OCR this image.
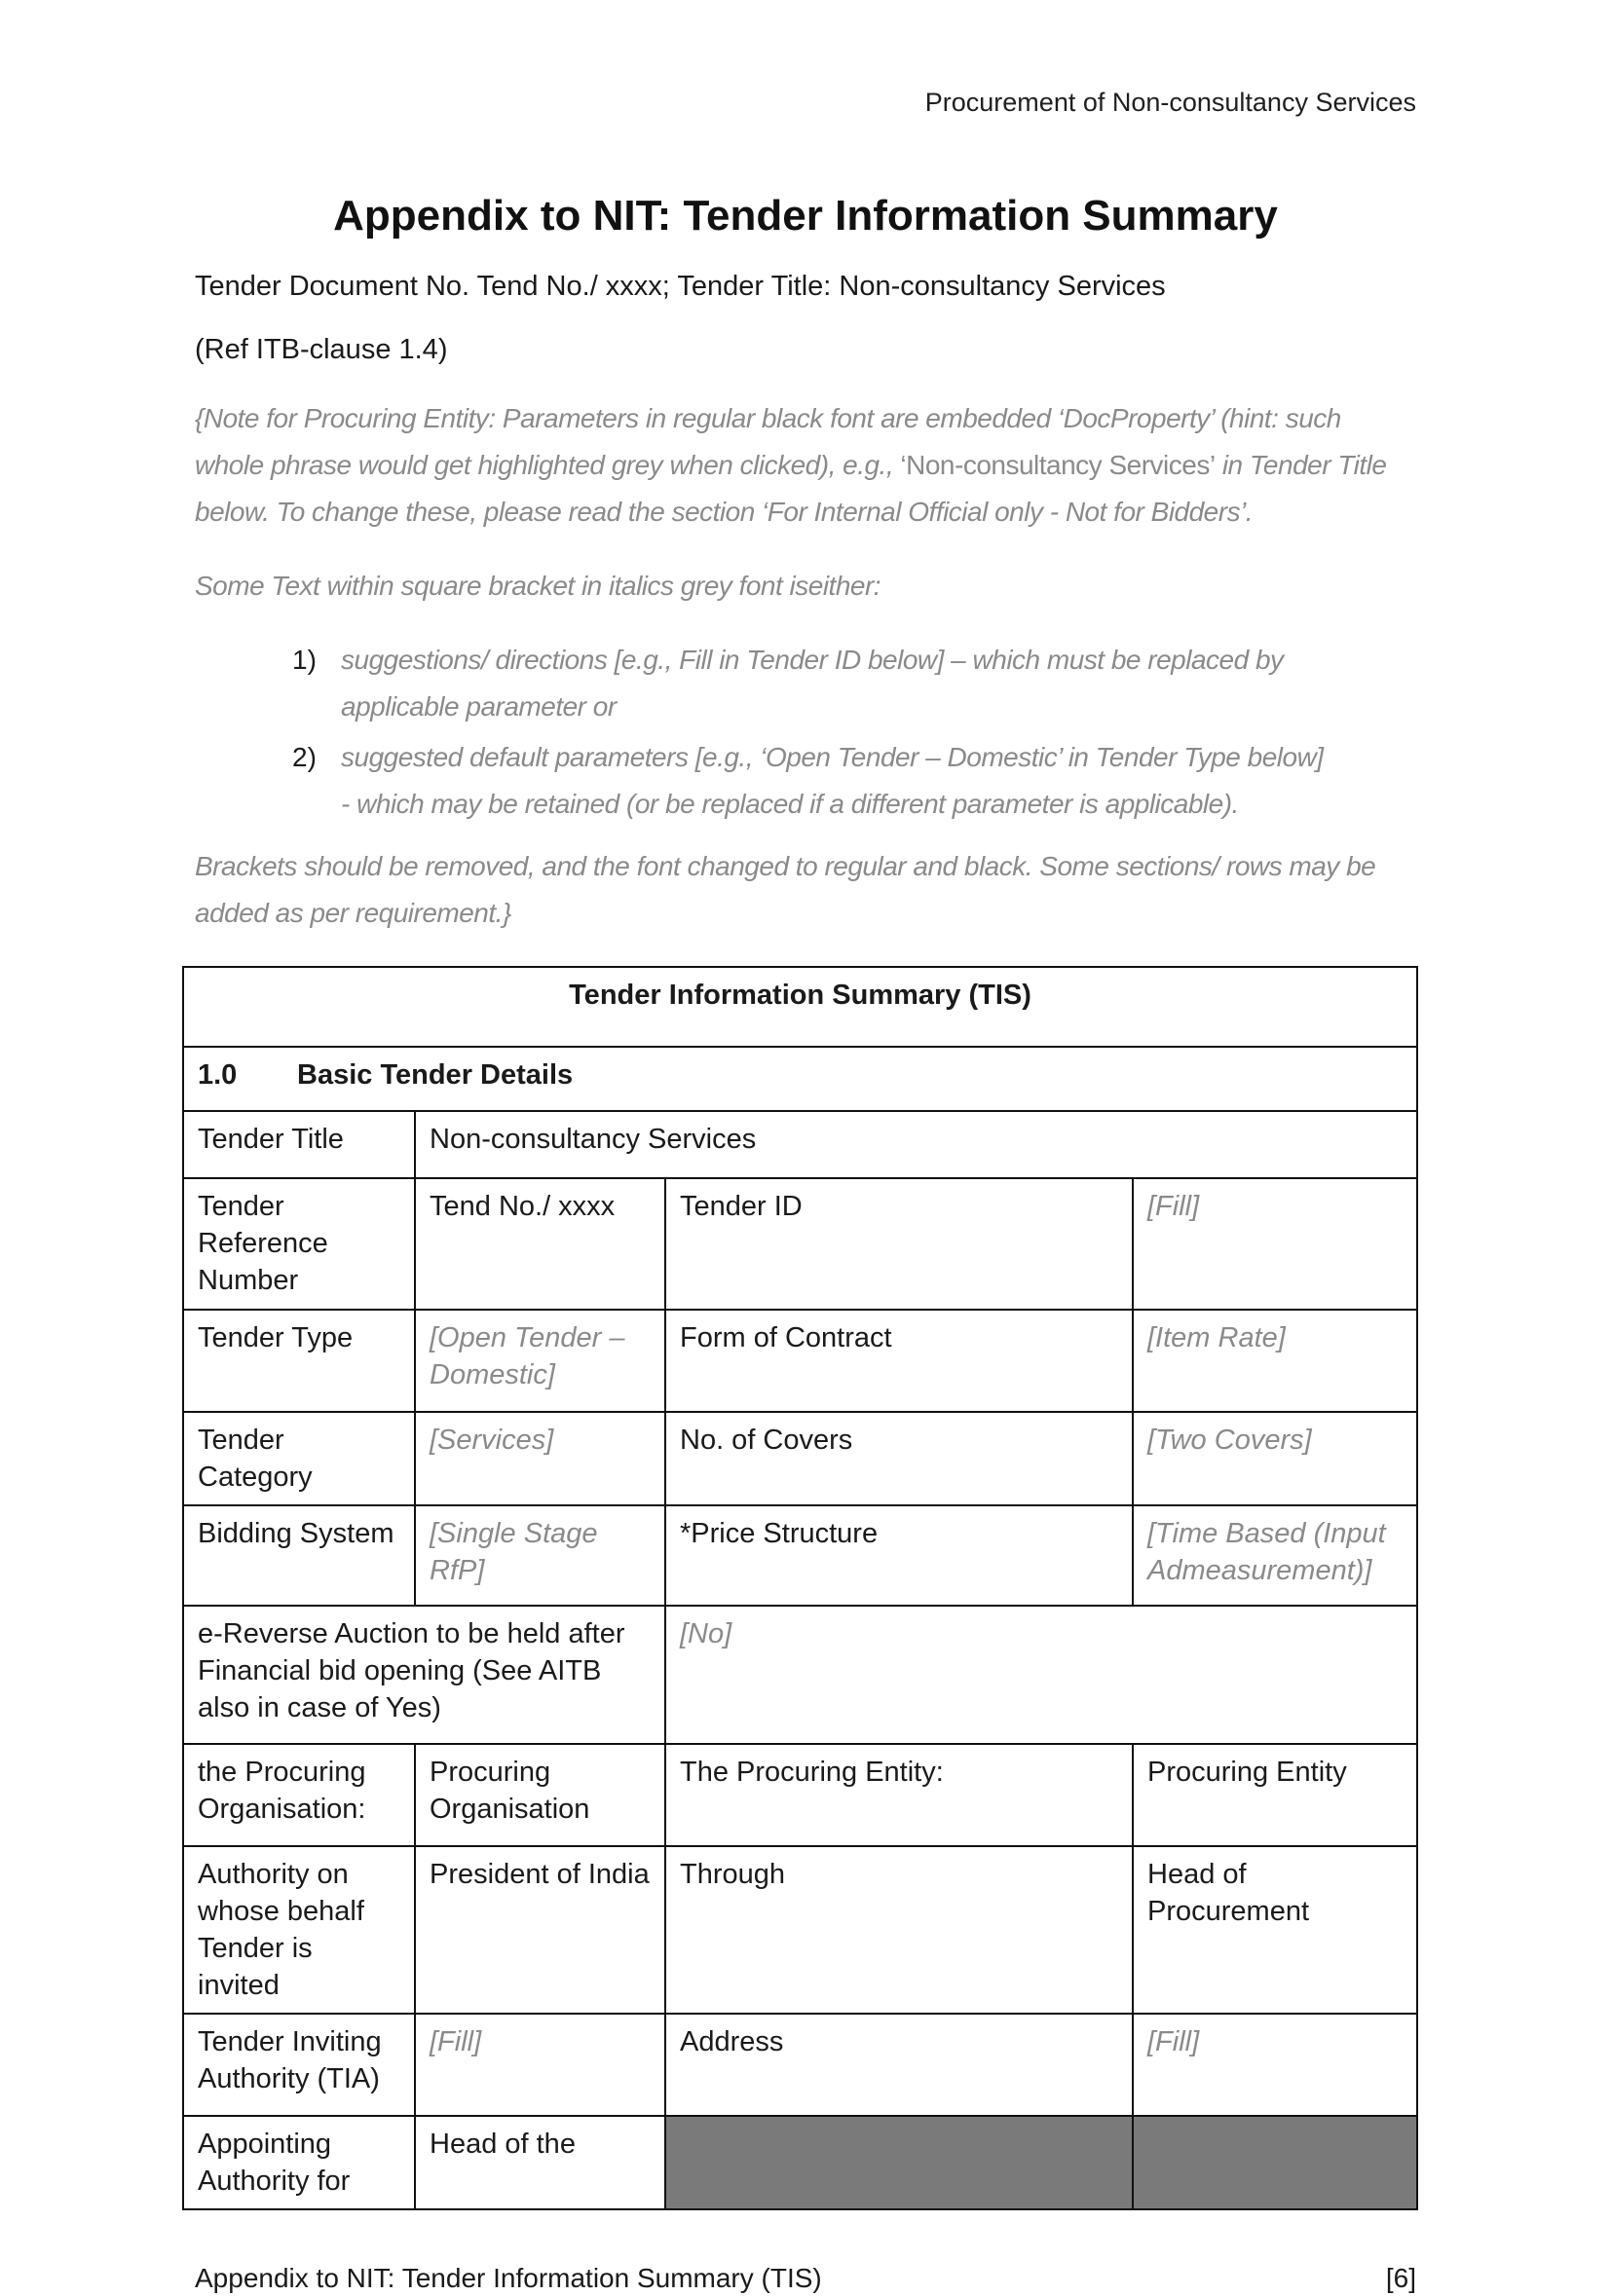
Procurement of Non-consultancy Services
Appendix to NIT: Tender Information Summary

Tender Document No. Tend No./ xxxx; Tender Title: Non-consultancy Services

(Ref ITB-clause 1.4)

{Note for Procuring Entity: Parameters in regular black font are embedded ‘DocProperty’ (hint: such whole phrase would get highlighted grey when clicked), e.g., ‘Non-consultancy Services’ in Tender Title below. To change these, please read the section ‘For Internal Official only - Not for Bidders’.

Some Text within square bracket in italics grey font iseither:

1) suggestions/ directions [e.g., Fill in Tender ID below] – which must be replaced by applicable parameter or
2) suggested default parameters [e.g., ‘Open Tender – Domestic’ in Tender Type below] - which may be retained (or be replaced if a different parameter is applicable).

Brackets should be removed, and the font changed to regular and black. Some sections/ rows may be added as per requirement.}

Tender Information Summary (TIS)			
1.0 Basic Tender Details			
Tender Title	Non-consultancy Services		
Tender Reference Number	Tend No./ xxxx	Tender ID	[Fill]
Tender Type	[Open Tender – Domestic]	Form of Contract	[Item Rate]
Tender Category	[Services]	No. of Covers	[Two Covers]
Bidding System	[Single Stage RfP]	*Price Structure	[Time Based (Input Admeasurement)]
e-Reverse Auction to be held after Financial bid opening (See AITB also in case of Yes)		[No]	
the Procuring Organisation:	Procuring Organisation	The Procuring Entity:	Procuring Entity
Authority on whose behalf Tender is invited	President of India	Through	Head of Procurement
Tender Inviting Authority (TIA)	[Fill]	Address	[Fill]
Appointing Authority for	Head of the		
Appendix to NIT: Tender Information Summary (TIS)	[6]
